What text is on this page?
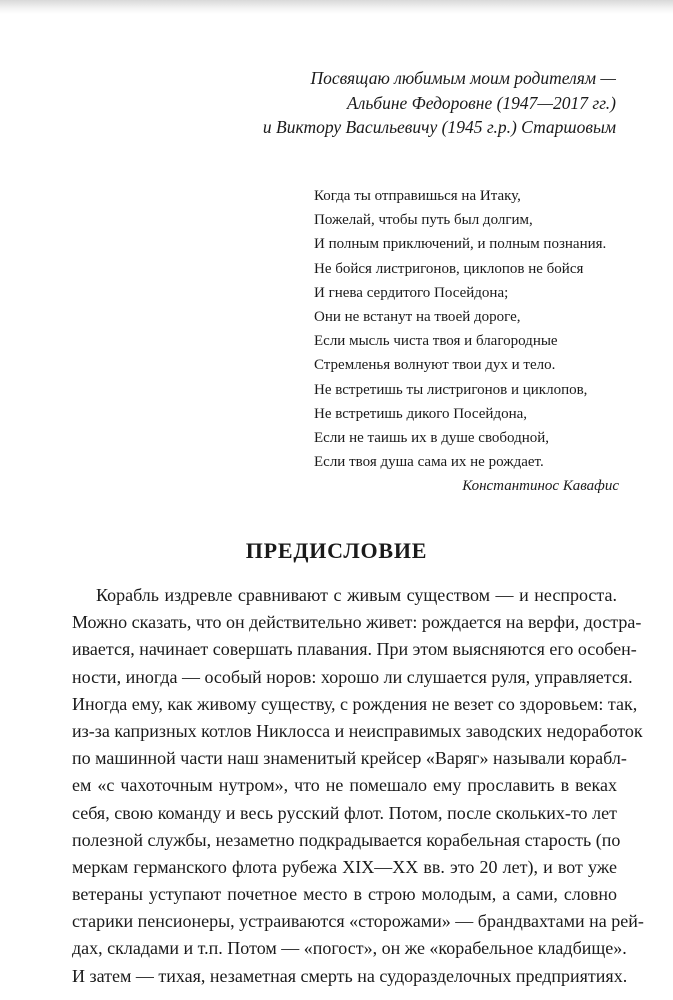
Посвящаю любимым моим родителям —
Альбине Федоровне (1947—2017 гг.)
и Виктору Васильевичу (1945 г.р.) Старшовым
Когда ты отправишься на Итаку,
Пожелай, чтобы путь был долгим,
И полным приключений, и полным познания.
Не бойся листригонов, циклопов не бойся
И гнева сердитого Посейдона;
Они не встанут на твоей дороге,
Если мысль чиста твоя и благородные
Стремленья волнуют твои дух и тело.
Не встретишь ты листригонов и циклопов,
Не встретишь дикого Посейдона,
Если не таишь их в душе свободной,
Если твоя душа сама их не рождает.
Константинос Кавафис
ПРЕДИСЛОВИЕ
Корабль издревле сравнивают с живым существом — и неспроста.
Можно сказать, что он действительно живет: рождается на верфи, достра-
ивается, начинает совершать плавания. При этом выясняются его особен-
ности, иногда — особый норов: хорошо ли слушается руля, управляется.
Иногда ему, как живому существу, с рождения не везет со здоровьем: так,
из-за капризных котлов Никлосса и неисправимых заводских недоработок
по машинной части наш знаменитый крейсер «Варяг» называли корабл-
ем «с чахоточным нутром», что не помешало ему прославить в веках
себя, свою команду и весь русский флот. Потом, после скольких-то лет
полезной службы, незаметно подкрадывается корабельная старость (по
меркам германского флота рубежа XIX—XX вв. это 20 лет), и вот уже
ветераны уступают почетное место в строю молодым, а сами, словно
старики пенсионеры, устраиваются «сторожами» — брандвахтами на рей-
дах, складами и т.п. Потом — «погост», он же «корабельное кладбище».
И затем — тихая, незаметная смерть на судоразделочных предприятиях.
